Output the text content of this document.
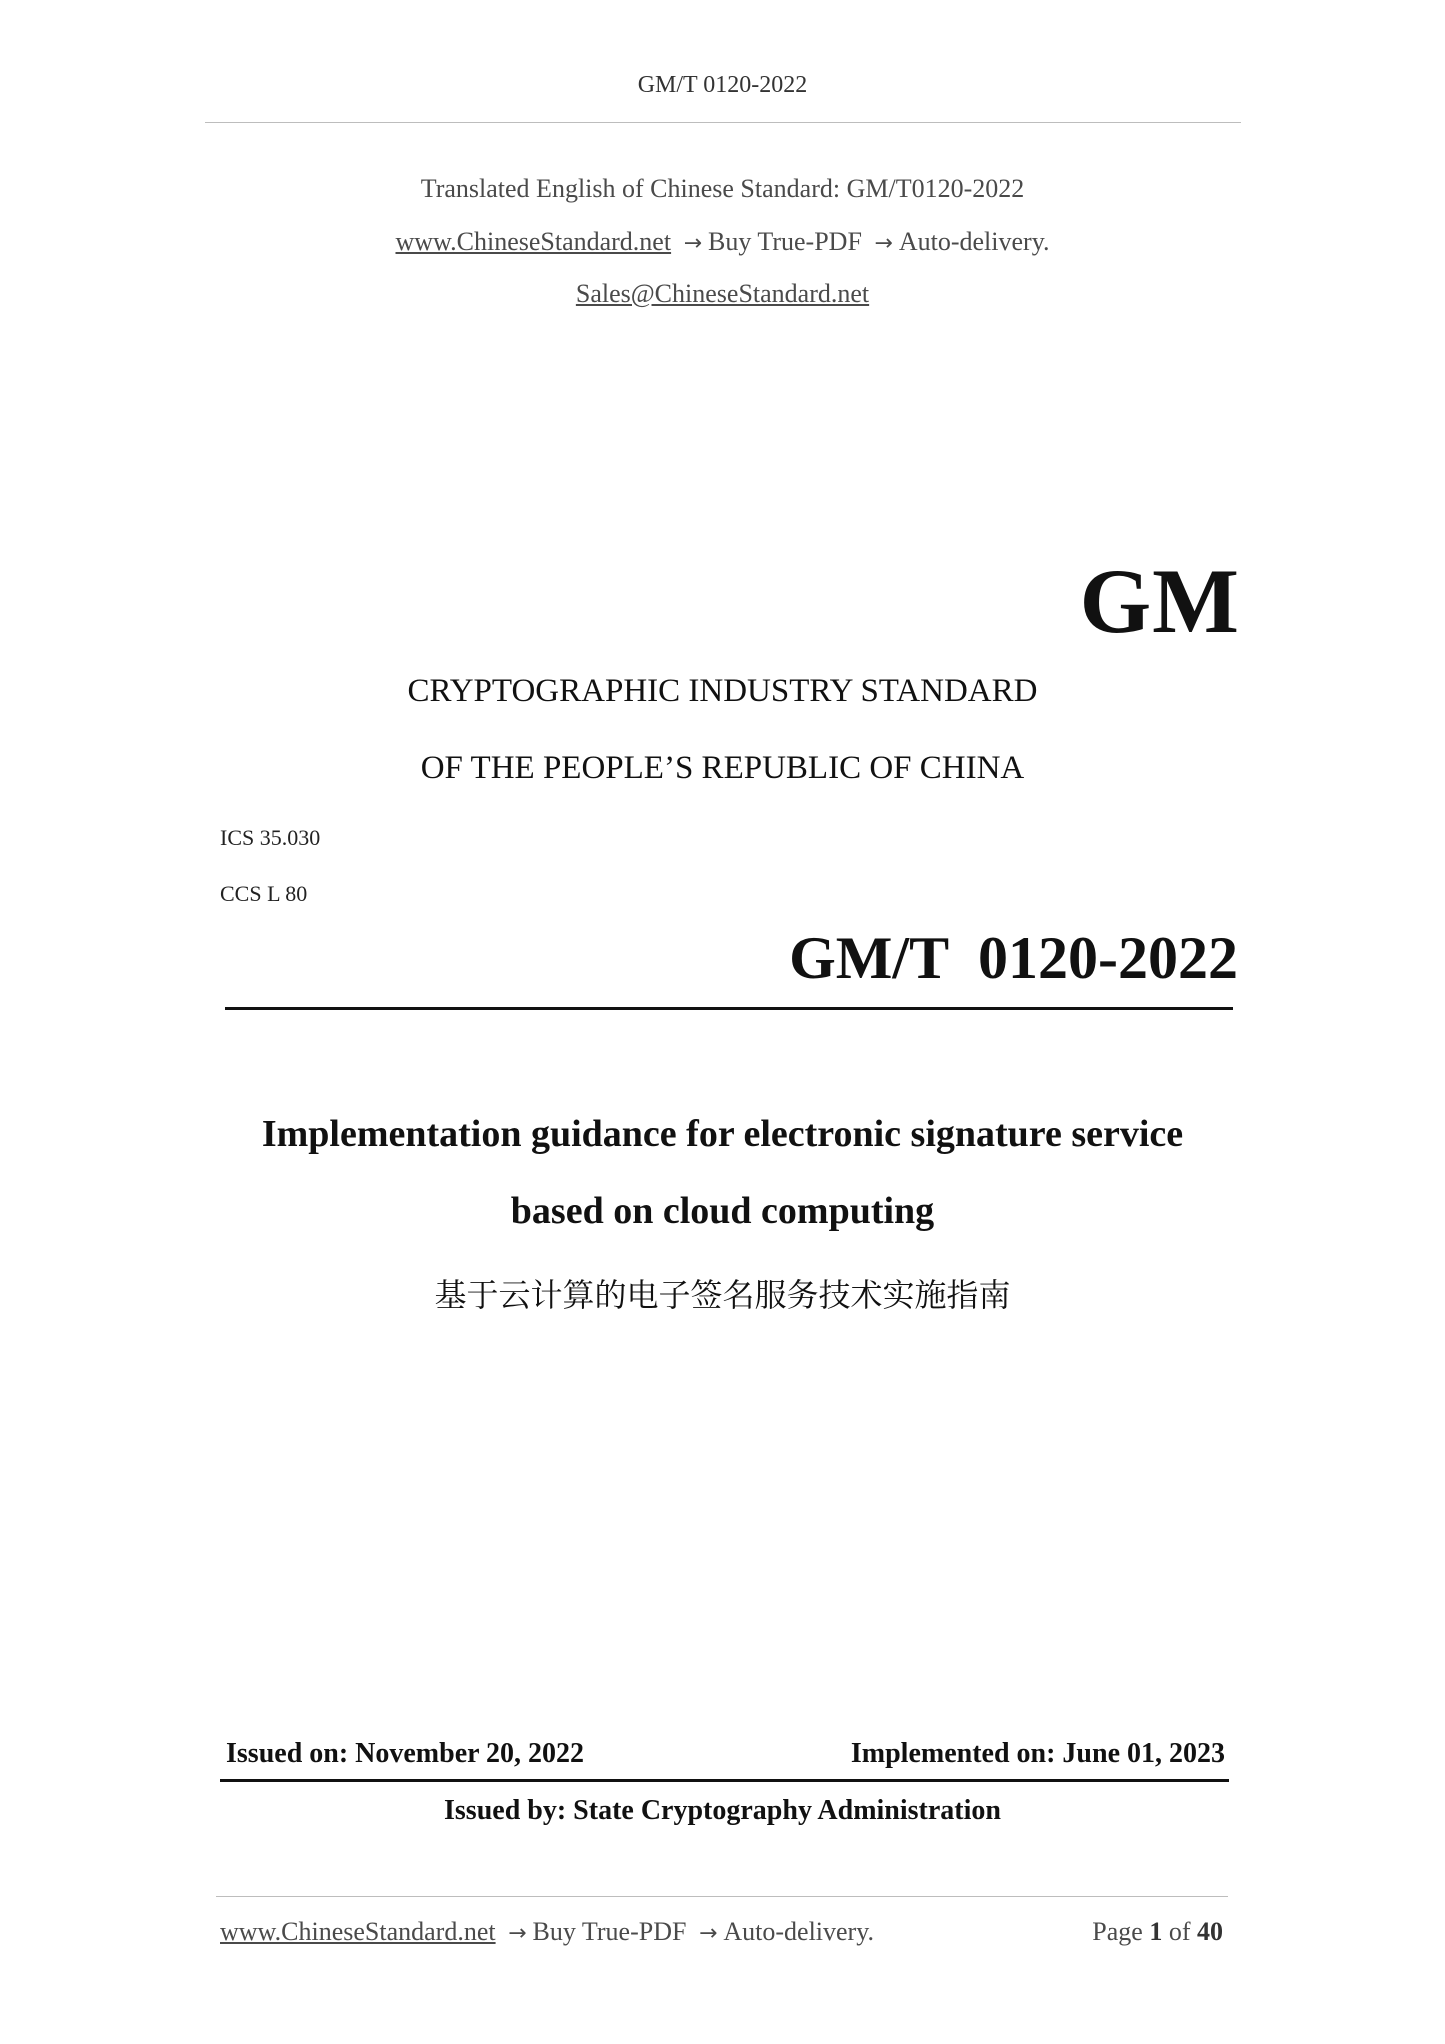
GM/T 0120-2022
Translated English of Chinese Standard: GM/T0120-2022
www.ChineseStandard.net → Buy True-PDF → Auto-delivery.
Sales@ChineseStandard.net
GM
CRYPTOGRAPHIC INDUSTRY STANDARD
OF THE PEOPLE’S REPUBLIC OF CHINA
ICS 35.030
CCS L 80
GM/T  0120-2022
Implementation guidance for electronic signature service
based on cloud computing
基于云计算的电子签名服务技术实施指南
Issued on: November 20, 2022	Implemented on: June 01, 2023
Issued by: State Cryptography Administration
www.ChineseStandard.net → Buy True-PDF → Auto-delivery.	Page 1 of 40
